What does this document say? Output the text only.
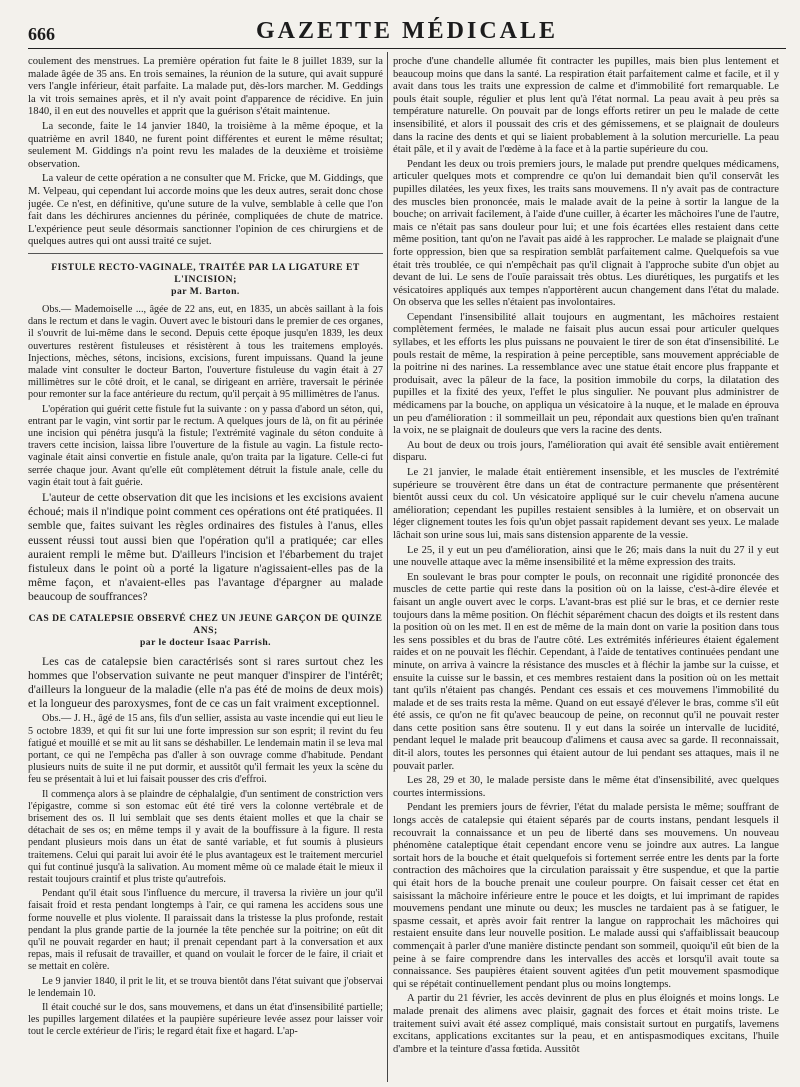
666	GAZETTE MÉDICALE

coulement des menstrues. La première opération fut faite le 8 juillet 1839, sur la malade âgée de 35 ans. En trois semaines, la réunion de la suture, qui avait suppuré vers l'angle inférieur, était parfaite. La malade put, dès-lors marcher. M. Geddings la vit trois semaines après, et il n'y avait point d'apparence de récidive. En juin 1840, il en eut des nouvelles et apprit que la guérison s'était maintenue.

La seconde, faite le 14 janvier 1840, la troisième à la même époque, et la quatrième en avril 1840, ne furent point différentes et eurent le même résultat; seulement M. Giddings n'a point revu les malades de la deuxième et troisième observation.

La valeur de cette opération a ne consulter que M. Fricke, que M. Giddings, que M. Velpeau, qui cependant lui accorde moins que les deux autres, serait donc chose jugée. Ce n'est, en définitive, qu'une suture de la vulve, semblable à celle que l'on fait dans les déchirures anciennes du périnée, compliquées de chute de matrice. L'expérience peut seule désormais sanctionner l'opinion de ces chirurgiens et de quelques autres qui ont aussi traité ce sujet.

FISTULE RECTO-VAGINALE, TRAITÉE PAR LA LIGATURE ET L'INCISION;
par M. Barton.

Obs.— Mademoiselle ..., âgée de 22 ans, eut, en 1835, un abcès saillant à la fois dans le rectum et dans le vagin. Ouvert avec le bistouri dans le premier de ces organes, il s'ouvrit de lui-même dans le second. Depuis cette époque jusqu'en 1839, les deux ouvertures restèrent fistuleuses et résistèrent à tous les traitemens employés. Injections, mèches, sétons, incisions, excisions, furent impuissans. Quand la jeune malade vint consulter le docteur Barton, l'ouverture fistuleuse du vagin était à 27 millimètres sur le côté droit, et le canal, se dirigeant en arrière, traversait le périnée pour remonter sur la face antérieure du rectum, qu'il perçait à 95 millimètres de l'anus.

L'opération qui guérit cette fistule fut la suivante : on y passa d'abord un séton, qui, entrant par le vagin, vint sortir par le rectum. A quelques jours de là, on fit au périnée une incision qui pénétra jusqu'à la fistule; l'extrémité vaginale du séton conduite à travers cette incision, laissa libre l'ouverture de la fistule au vagin. La fistule recto-vaginale était ainsi convertie en fistule anale, qu'on traita par la ligature. Celle-ci fut serrée chaque jour. Avant qu'elle eût complètement détruit la fistule anale, celle du vagin était tout à fait guérie.

L'auteur de cette observation dit que les incisions et les excisions avaient échoué; mais il n'indique point comment ces opérations ont été pratiquées. Il semble que, faites suivant les règles ordinaires des fistules à l'anus, elles eussent réussi tout aussi bien que l'opération qu'il a pratiquée; car elles auraient rempli le même but. D'ailleurs l'incision et l'ébarbement du trajet fistuleux dans le point où a porté la ligature n'agissaient-elles pas de la même façon, et n'avaient-elles pas l'avantage d'épargner au malade beaucoup de souffrances?

CAS DE CATALEPSIE OBSERVÉ CHEZ UN JEUNE GARÇON DE QUINZE ANS;
par le docteur Isaac Parrish.

Les cas de catalepsie bien caractérisés sont si rares surtout chez les hommes que l'observation suivante ne peut manquer d'inspirer de l'intérêt; d'ailleurs la longueur de la maladie (elle n'a pas été de moins de deux mois) et la longueur des paroxysmes, font de ce cas un fait vraiment exceptionnel.

Obs.— J. H., âgé de 15 ans, fils d'un sellier, assista au vaste incendie qui eut lieu le 5 octobre 1839, et qui fit sur lui une forte impression sur son esprit; il revint du feu fatigué et mouillé et se mit au lit sans se déshabiller. Le lendemain matin il se leva mal portant, ce qui ne l'empêcha pas d'aller à son ouvrage comme d'habitude. Pendant plusieurs nuits de suite il ne put dormir, et aussitôt qu'il fermait les yeux la scène du feu se présentait à lui et lui faisait pousser des cris d'effroi.

Il commença alors à se plaindre de céphalalgie, d'un sentiment de constriction vers l'épigastre, comme si son estomac eût été tiré vers la colonne vertébrale et de brisement des os. Il lui semblait que ses dents étaient molles et que la chair se détachait de ses os; en même temps il y avait de la bouffissure à la figure. Il resta pendant plusieurs mois dans un état de santé variable, et fut soumis à plusieurs traitemens. Celui qui parait lui avoir été le plus avantageux est le traitement mercuriel qui fut continué jusqu'à la salivation. Au moment même où ce malade était le mieux il restait toujours craintif et plus triste qu'autrefois.

Pendant qu'il était sous l'influence du mercure, il traversa la rivière un jour qu'il faisait froid et resta pendant longtemps à l'air, ce qui ramena les accidens sous une forme nouvelle et plus violente. Il paraissait dans la tristesse la plus profonde, restait pendant la plus grande partie de la journée la tête penchée sur la poitrine; on eût dit qu'il ne pouvait regarder en haut; il prenait cependant part à la conversation et aux repas, mais il refusait de travailler, et quand on voulait le forcer de le faire, il criait et se mettait en colère.

Le 9 janvier 1840, il prit le lit, et se trouva bientôt dans l'état suivant que j'observai le lendemain 10.

Il était couché sur le dos, sans mouvemens, et dans un état d'insensibilité partielle; les pupilles largement dilatées et la paupière supérieure levée assez pour laisser voir tout le cercle extérieur de l'iris; le regard était fixe et hagard. L'ap-

proche d'une chandelle allumée fit contracter les pupilles, mais bien plus lentement et beaucoup moins que dans la santé. La respiration était parfaitement calme et facile, et il y avait dans tous les traits une expression de calme et d'immobilité fort remarquable. Le pouls était souple, régulier et plus lent qu'à l'état normal. La peau avait à peu près sa température naturelle. On pouvait par de longs efforts retirer un peu le malade de cette insensibilité, et alors il poussait des cris et des gémissemens, et se plaignait de douleurs dans la racine des dents et qui se liaient probablement à la solution mercurielle. La peau était pâle, et il y avait de l'œdème à la face et à la partie supérieure du cou.

Pendant les deux ou trois premiers jours, le malade put prendre quelques médicamens, articuler quelques mots et comprendre ce qu'on lui demandait bien qu'il conservât les pupilles dilatées, les yeux fixes, les traits sans mouvemens. Il n'y avait pas de contracture des muscles bien prononcée, mais le malade avait de la peine à sortir la langue de la bouche; on arrivait facilement, à l'aide d'une cuiller, à écarter les mâchoires l'une de l'autre, mais ce n'était pas sans douleur pour lui; et une fois écartées elles restaient dans cette même position, tant qu'on ne l'avait pas aidé à les rapprocher. Le malade se plaignait d'une forte oppression, bien que sa respiration semblât parfaitement calme. Quelquefois sa vue était très troublée, ce qui n'empêchait pas qu'il clignait à l'approche subite d'un objet au devant de lui. Le sens de l'ouïe paraissait très obtus. Les diurétiques, les purgatifs et les vésicatoires appliqués aux tempes n'apportèrent aucun changement dans l'état du malade. On observa que les selles n'étaient pas involontaires.

Cependant l'insensibilité allait toujours en augmentant, les mâchoires restaient complètement fermées, le malade ne faisait plus aucun essai pour articuler quelques syllabes, et les efforts les plus puissans ne pouvaient le tirer de son état d'insensibilité. Le pouls restait de même, la respiration à peine perceptible, sans mouvement appréciable de la poitrine ni des narines. La ressemblance avec une statue était encore plus frappante et produisait, avec la pâleur de la face, la position immobile du corps, la dilatation des pupilles et la fixité des yeux, l'effet le plus singulier. Ne pouvant plus administrer de médicamens par la bouche, on appliqua un vésicatoire à la nuque, et le malade en éprouva un peu d'amélioration : il sommeillait un peu, répondait aux questions bien qu'en traînant la voix, ne se plaignait de douleurs que vers la racine des dents.

Au bout de deux ou trois jours, l'amélioration qui avait été sensible avait entièrement disparu.

Le 21 janvier, le malade était entièrement insensible, et les muscles de l'extrémité supérieure se trouvèrent être dans un état de contracture permanente que présentèrent bientôt aussi ceux du col. Un vésicatoire appliqué sur le cuir chevelu n'amena aucune amélioration; cependant les pupilles restaient sensibles à la lumière, et on observait un léger clignement toutes les fois qu'un objet passait rapidement devant ses yeux. Le malade lâchait son urine sous lui, mais sans distension apparente de la vessie.

Le 25, il y eut un peu d'amélioration, ainsi que le 26; mais dans la nuit du 27 il y eut une nouvelle attaque avec la même insensibilité et la même expression des traits.

En soulevant le bras pour compter le pouls, on reconnait une rigidité prononcée des muscles de cette partie qui reste dans la position où on la laisse, c'est-à-dire élevée et faisant un angle ouvert avec le corps. L'avant-bras est plié sur le bras, et ce dernier reste toujours dans la même position. On fléchit séparément chacun des doigts et ils restent dans la position où on les met. Il en est de même de la main dont on varie la position dans tous les sens possibles et du bras de l'autre côté. Les extrémités inférieures étaient également raides et on ne pouvait les fléchir. Cependant, à l'aide de tentatives continuées pendant une minute, on arriva à vaincre la résistance des muscles et à fléchir la jambe sur la cuisse, et ensuite la cuisse sur le bassin, et ces membres restaient dans la position où on les mettait tant qu'ils n'étaient pas changés. Pendant ces essais et ces mouvemens l'immobilité du malade et de ses traits resta la même. Quand on eut essayé d'élever le bras, comme s'il eût été assis, ce qu'on ne fit qu'avec beaucoup de peine, on reconnut qu'il ne pouvait rester dans cette position sans être soutenu. Il y eut dans la soirée un intervalle de lucidité, pendant lequel le malade prit beaucoup d'alimens et causa avec sa garde. Il reconnaissait, dit-il alors, toutes les personnes qui étaient autour de lui pendant ses attaques, mais il ne pouvait parler.

Les 28, 29 et 30, le malade persiste dans le même état d'insensibilité, avec quelques courtes intermissions.

Pendant les premiers jours de février, l'état du malade persista le même; souffrant de longs accès de catalepsie qui étaient séparés par de courts instans, pendant lesquels il recouvrait la connaissance et un peu de liberté dans ses mouvemens. Un nouveau phénomène cataleptique était cependant encore venu se joindre aux autres. La langue sortait hors de la bouche et était quelquefois si fortement serrée entre les dents par la forte contraction des mâchoires que la circulation paraissait y être suspendue, et que la partie qui était hors de la bouche prenait une couleur pourpre. On faisait cesser cet état en saisissant la mâchoire inférieure entre le pouce et les doigts, et lui imprimant de rapides mouvemens pendant une minute ou deux; les muscles ne tardaient pas à se fatiguer, le spasme cessait, et après avoir fait rentrer la langue on rapprochait les mâchoires qui restaient ensuite dans leur nouvelle position. Le malade aussi qui s'affaiblissait beaucoup commençait à parler d'une manière distincte pendant son sommeil, quoiqu'il eût bien de la peine à se faire comprendre dans les intervalles des accès et lorsqu'il avait toute sa connaissance. Ses paupières étaient souvent agitées d'un petit mouvement spasmodique qui se répétait continuellement pendant plus ou moins longtemps.

A partir du 21 février, les accès devinrent de plus en plus éloignés et moins longs. Le malade prenait des alimens avec plaisir, gagnait des forces et était moins triste. Le traitement suivi avait été assez compliqué, mais consistait surtout en purgatifs, lavemens excitans, applications excitantes sur la peau, et en antispasmodiques excitans, l'huile d'ambre et la teinture d'assa fœtida. Aussitôt
